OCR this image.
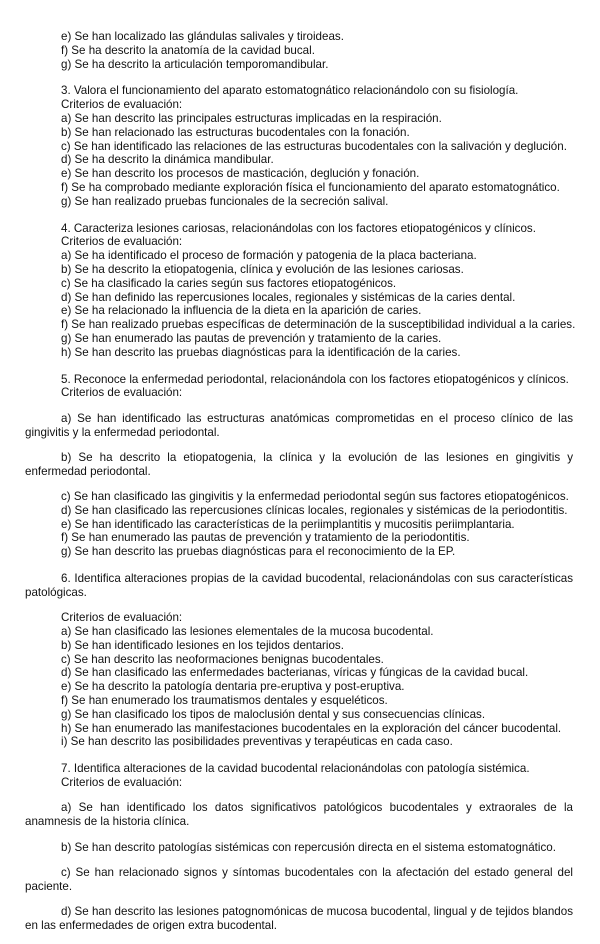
e) Se han localizado las glándulas salivales y tiroideas.

f) Se ha descrito la anatomía de la cavidad bucal.

g) Se ha descrito la articulación temporomandibular.

3. Valora el funcionamiento del aparato estomatognático relacionándolo con su fisiología.

Criterios de evaluación:

a) Se han descrito las principales estructuras implicadas en la respiración.

b) Se han relacionado las estructuras bucodentales con la fonación.

c) Se han identificado las relaciones de las estructuras bucodentales con la salivación y deglución.

d) Se ha descrito la dinámica mandibular.

e) Se han descrito los procesos de masticación, deglución y fonación.

f) Se ha comprobado mediante exploración física el funcionamiento del aparato estomatognático.

g) Se han realizado pruebas funcionales de la secreción salival.

4. Caracteriza lesiones cariosas, relacionándolas con los factores etiopatogénicos y clínicos.

Criterios de evaluación:

a) Se ha identificado el proceso de formación y patogenia de la placa bacteriana.

b) Se ha descrito la etiopatogenia, clínica y evolución de las lesiones cariosas.

c) Se ha clasificado la caries según sus factores etiopatogénicos.

d) Se han definido las repercusiones locales, regionales y sistémicas de la caries dental.

e) Se ha relacionado la influencia de la dieta en la aparición de caries.

f) Se han realizado pruebas específicas de determinación de la susceptibilidad individual a la caries.

g) Se han enumerado las pautas de prevención y tratamiento de la caries.

h) Se han descrito las pruebas diagnósticas para la identificación de la caries.

5. Reconoce la enfermedad periodontal, relacionándola con los factores etiopatogénicos y clínicos.

Criterios de evaluación:

a) Se han identificado las estructuras anatómicas comprometidas en el proceso clínico de las gingivitis y la enfermedad periodontal.

b) Se ha descrito la etiopatogenia, la clínica y la evolución de las lesiones en gingivitis y enfermedad periodontal.

c) Se han clasificado las gingivitis y la enfermedad periodontal según sus factores etiopatogénicos.

d) Se han clasificado las repercusiones clínicas locales, regionales y sistémicas de la periodontitis.

e) Se han identificado las características de la periimplantitis y mucositis periimplantaria.

f) Se han enumerado las pautas de prevención y tratamiento de la periodontitis.

g) Se han descrito las pruebas diagnósticas para el reconocimiento de la EP.

6. Identifica alteraciones propias de la cavidad bucodental, relacionándolas con sus características patológicas.

Criterios de evaluación:

a) Se han clasificado las lesiones elementales de la mucosa bucodental.

b) Se han identificado lesiones en los tejidos dentarios.

c) Se han descrito las neoformaciones benignas bucodentales.

d) Se han clasificado las enfermedades bacterianas, víricas y fúngicas de la cavidad bucal.

e) Se ha descrito la patología dentaria pre-eruptiva y post-eruptiva.

f) Se han enumerado los traumatismos dentales y esqueléticos.

g) Se han clasificado los tipos de maloclusión dental y sus consecuencias clínicas.

h) Se han enumerado las manifestaciones bucodentales en la exploración del cáncer bucodental.

i) Se han descrito las posibilidades preventivas y terapéuticas en cada caso.

7. Identifica alteraciones de la cavidad bucodental relacionándolas con patología sistémica.

Criterios de evaluación:

a) Se han identificado los datos significativos patológicos bucodentales y extraorales de la anamnesis de la historia clínica.

b) Se han descrito patologías sistémicas con repercusión directa en el sistema estomatognático.

c) Se han relacionado signos y síntomas bucodentales con la afectación del estado general del paciente.

d) Se han descrito las lesiones patognomónicas de mucosa bucodental, lingual y de tejidos blandos en las enfermedades de origen extra bucodental.
